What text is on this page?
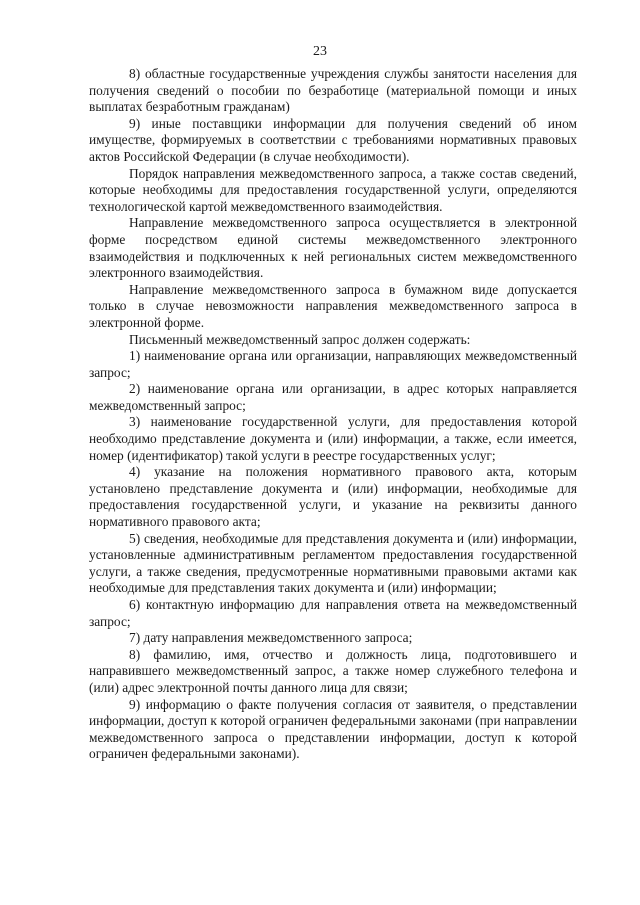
23

8) областные государственные учреждения службы занятости населения для получения сведений о пособии по безработице (материальной помощи и иных выплатах безработным гражданам)

9) иные поставщики информации для получения сведений об ином имуществе, формируемых в соответствии с требованиями нормативных правовых актов Российской Федерации (в случае необходимости).

Порядок направления межведомственного запроса, а также состав сведений, которые необходимы для предоставления государственной услуги, определяются технологической картой межведомственного взаимодействия.

Направление межведомственного запроса осуществляется в электронной форме посредством единой системы межведомственного электронного взаимодействия и подключенных к ней региональных систем межведомственного электронного взаимодействия.

Направление межведомственного запроса в бумажном виде допускается только в случае невозможности направления межведомственного запроса в электронной форме.

Письменный межведомственный запрос должен содержать:

1) наименование органа или организации, направляющих межведомственный запрос;

2) наименование органа или организации, в адрес которых направляется межведомственный запрос;

3) наименование государственной услуги, для предоставления которой необходимо представление документа и (или) информации, а также, если имеется, номер (идентификатор) такой услуги в реестре государственных услуг;

4) указание на положения нормативного правового акта, которым установлено представление документа и (или) информации, необходимые для предоставления государственной услуги, и указание на реквизиты данного нормативного правового акта;

5) сведения, необходимые для представления документа и (или) информации, установленные административным регламентом предоставления государственной услуги, а также сведения, предусмотренные нормативными правовыми актами как необходимые для представления таких документа и (или) информации;

6) контактную информацию для направления ответа на межведомственный запрос;

7) дату направления межведомственного запроса;

8) фамилию, имя, отчество и должность лица, подготовившего и направившего межведомственный запрос, а также номер служебного телефона и (или) адрес электронной почты данного лица для связи;

9) информацию о факте получения согласия от заявителя, о представлении информации, доступ к которой ограничен федеральными законами (при направлении межведомственного запроса о представлении информации, доступ к которой ограничен федеральными законами).
